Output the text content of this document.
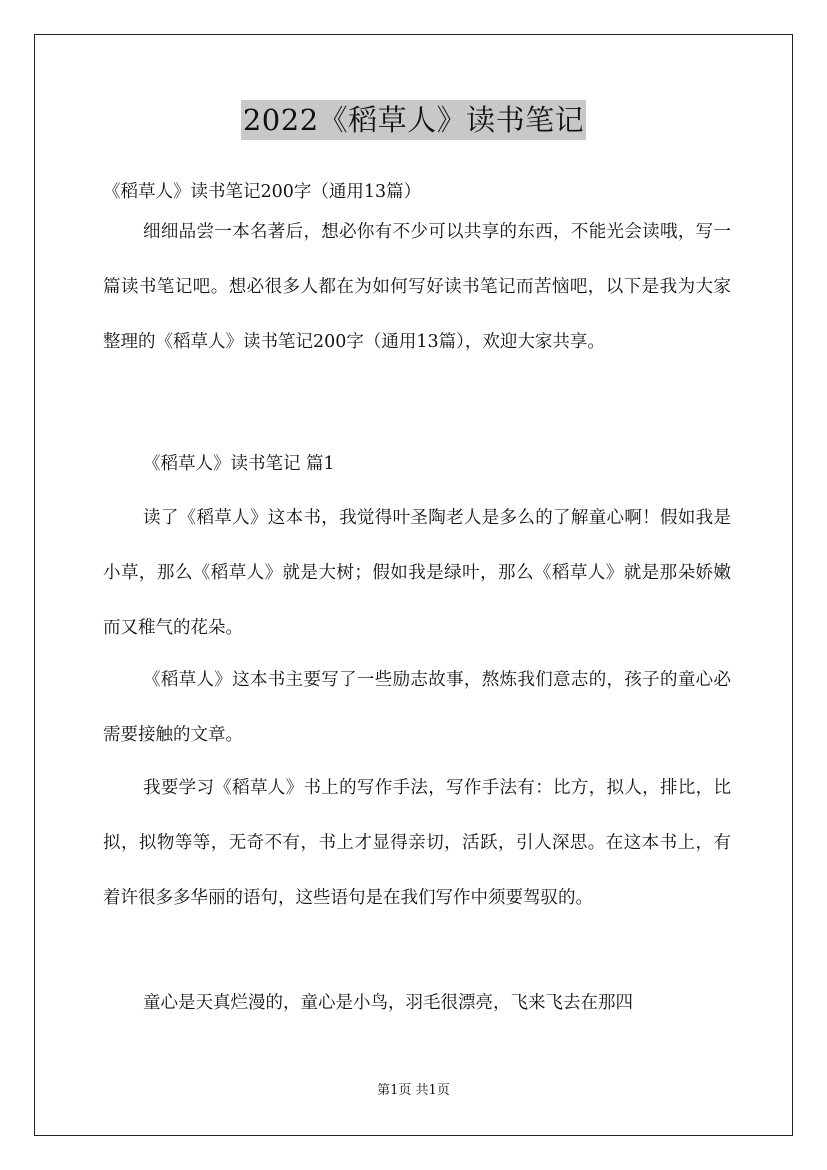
2022《稻草人》读书笔记
《稻草人》读书笔记200字（通用13篇）

细细品尝一本名著后，想必你有不少可以共享的东西，不能光会读哦，写一篇读书笔记吧。想必很多人都在为如何写好读书笔记而苦恼吧，以下是我为大家整理的《稻草人》读书笔记200字（通用13篇），欢迎大家共享。

《稻草人》读书笔记 篇1

读了《稻草人》这本书，我觉得叶圣陶老人是多么的了解童心啊！假如我是小草，那么《稻草人》就是大树；假如我是绿叶，那么《稻草人》就是那朵娇嫩而又稚气的花朵。

《稻草人》这本书主要写了一些励志故事，熬炼我们意志的，孩子的童心必需要接触的文章。

我要学习《稻草人》书上的写作手法，写作手法有：比方，拟人，排比，比拟，拟物等等，无奇不有，书上才显得亲切，活跃，引人深思。在这本书上，有着许很多多华丽的语句，这些语句是在我们写作中须要驾驭的。

童心是天真烂漫的，童心是小鸟，羽毛很漂亮，飞来飞去在那四

第1页 共1页
